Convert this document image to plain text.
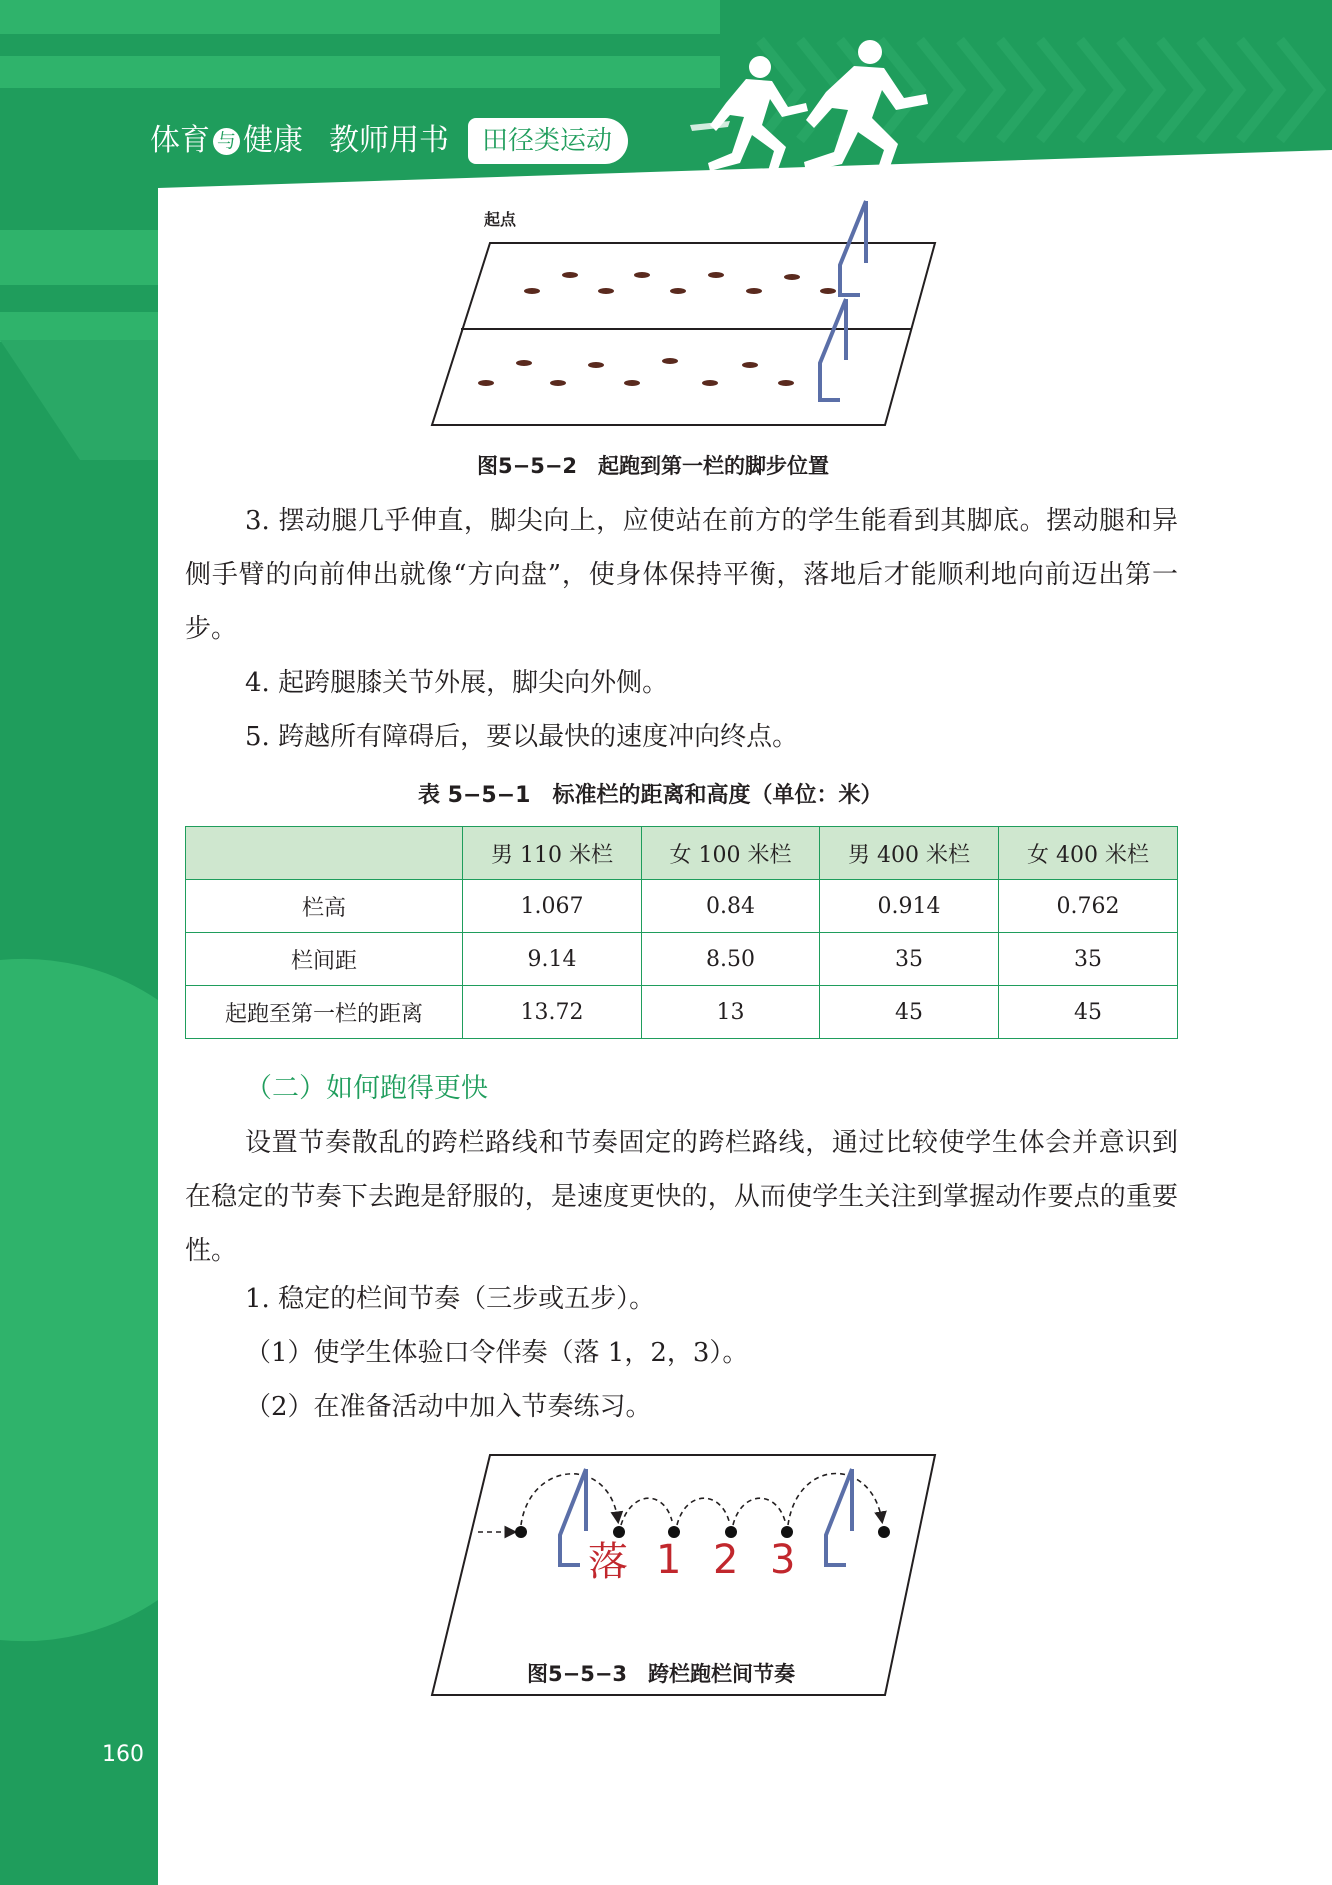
体育 与 健康 教师用书	田径类运动
起点
图5−5−2　起跑到第一栏的脚步位置

3. 摆动腿几乎伸直，脚尖向上，应使站在前方的学生能看到其脚底。摆动腿和异侧手臂的向前伸出就像“方向盘”，使身体保持平衡，落地后才能顺利地向前迈出第一步。

4. 起跨腿膝关节外展，脚尖向外侧。

5. 跨越所有障碍后，要以最快的速度冲向终点。

表 5−5−1　标准栏的距离和高度（单位：米）
	男 110 米栏	女 100 米栏	男 400 米栏	女 400 米栏
栏高	1.067	0.84	0.914	0.762
栏间距	9.14	8.50	35	35
起跑至第一栏的距离	13.72	13	45	45

（二）如何跑得更快

设置节奏散乱的跨栏路线和节奏固定的跨栏路线，通过比较使学生体会并意识到在稳定的节奏下去跑是舒服的，是速度更快的，从而使学生关注到掌握动作要点的重要性。

1. 稳定的栏间节奏（三步或五步）。

（1）使学生体验口令伴奏（落 1，2，3）。

（2）在准备活动中加入节奏练习。

落 1 2 3
图5−5−3　跨栏跑栏间节奏
160
